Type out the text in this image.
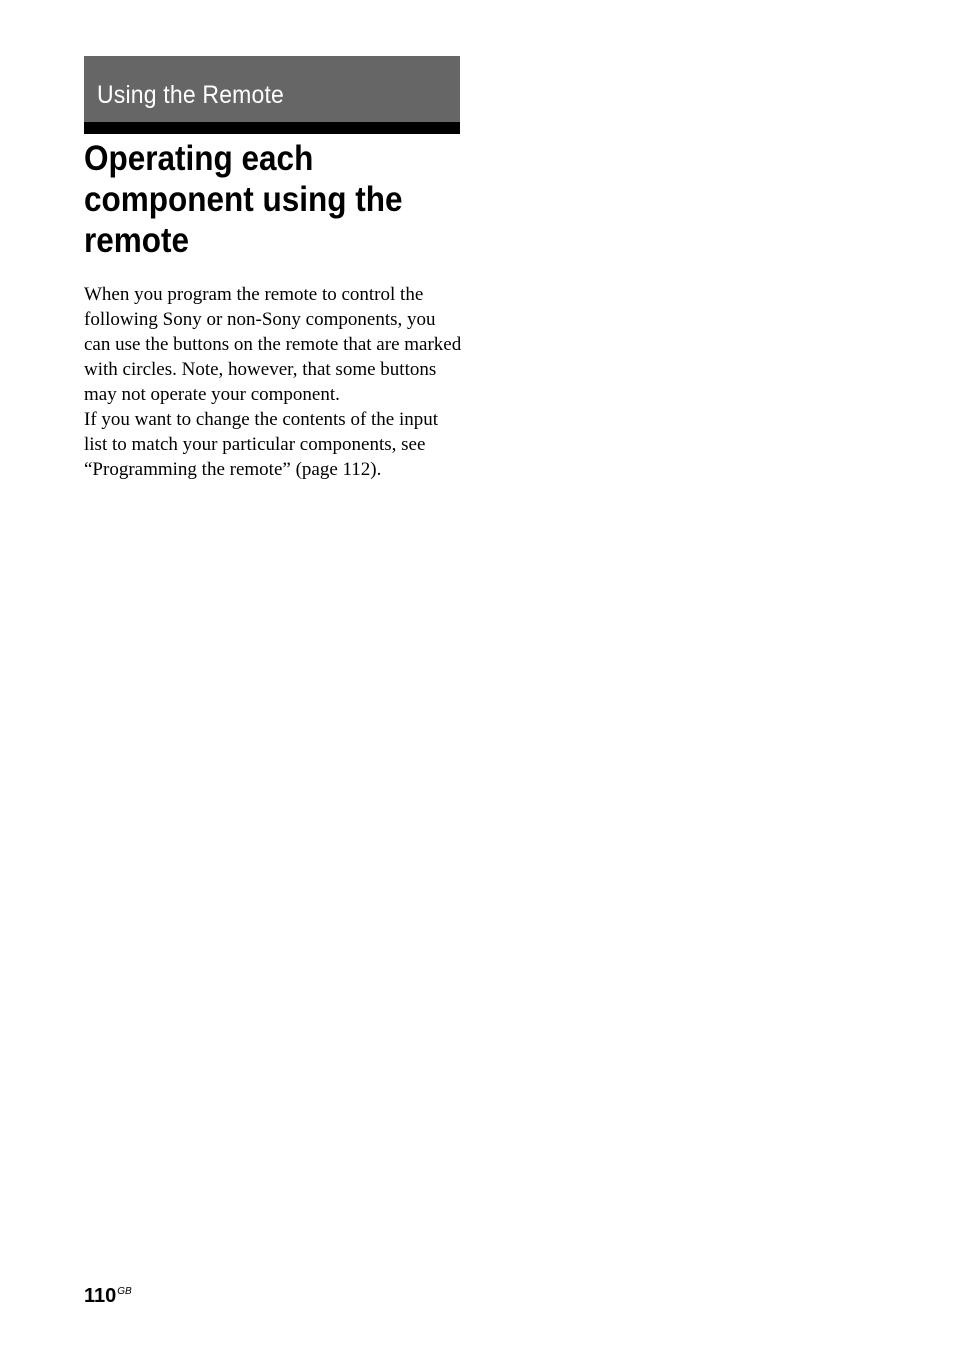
Using the Remote
Operating each
component using the
remote

When you program the remote to control the following Sony or non-Sony components, you can use the buttons on the remote that are marked with circles. Note, however, that some buttons may not operate your component.

If you want to change the contents of the input list to match your particular components, see “Programming the remote” (page 112).

$110^{GB}$
